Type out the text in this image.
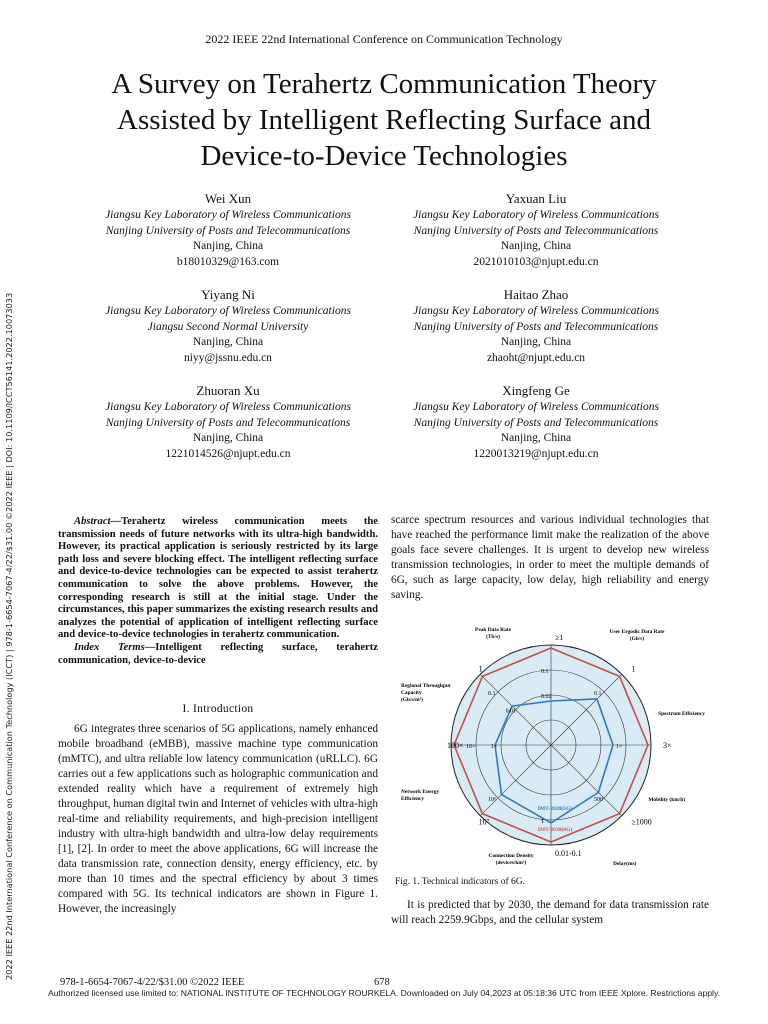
2022 IEEE 22nd International Conference on Communication Technology
A Survey on Terahertz Communication Theory
Assisted by Intelligent Reflecting Surface and
Device-to-Device Technologies
Wei Xun
Jiangsu Key Laboratory of Wireless Communications
Nanjing University of Posts and Telecommunications
Nanjing, China
b18010329@163.com
Yaxuan Liu
Jiangsu Key Laboratory of Wireless Communications
Nanjing University of Posts and Telecommunications
Nanjing, China
2021010103@njupt.edu.cn
Yiyang Ni
Jiangsu Key Laboratory of Wireless Communications
Jiangsu Second Normal University
Nanjing, China
niyy@jssnu.edu.cn
Haitao Zhao
Jiangsu Key Laboratory of Wireless Communications
Nanjing University of Posts and Telecommunications
Nanjing, China
zhaoht@njupt.edu.cn
Zhuoran Xu
Jiangsu Key Laboratory of Wireless Communications
Nanjing University of Posts and Telecommunications
Nanjing, China
1221014526@njupt.edu.cn
Xingfeng Ge
Jiangsu Key Laboratory of Wireless Communications
Nanjing University of Posts and Telecommunications
Nanjing, China
1220013219@njupt.edu.cn
2022 IEEE 22nd International Conference on Communication Technology (ICCT) | 978-1-6654-7067-4/22/$31.00 ©2022 IEEE | DOI: 10.1109/ICCT56141.2022.10073033	Abstract—Terahertz wireless communication meets the transmission needs of future networks with its ultra-high bandwidth. However, its practical application is seriously restricted by its large path loss and severe blocking effect. The intelligent reflecting surface and device-to-device technologies can be expected to assist terahertz communication to solve the above problems. However, the corresponding research is still at the initial stage. Under the circumstances, this paper summarizes the existing research results and analyzes the potential of application of intelligent reflecting surface and device-to-device technologies in terahertz communication.

Index Terms—Intelligent reflecting surface, terahertz communication, device-to-device

I. Introduction

6G integrates three scenarios of 5G applications, namely enhanced mobile broadband (eMBB), massive machine type communication (mMTC), and ultra reliable low latency communication (uRLLC). 6G carries out a few applications such as holographic communication and extended reality which have a requirement of extremely high throughput, human digital twin and Internet of vehicles with ultra-high real-time and reliability requirements, and high-precision intelligent industry with ultra-high bandwidth and ultra-low delay requirements [1], [2]. In order to meet the above applications, 6G will increase the data transmission rate, connection density, energy efficiency, etc. by more than 10 times and the spectral efficiency by about 3 times compared with 5G. Its technical indicators are shown in Figure 1. However, the increasingly

scarce spectrum resources and various individual technologies that have reached the performance limit make the realization of the above goals face severe challenges. It is urgent to develop new wireless transmission technologies, in order to meet the multiple demands of 6G, such as large capacity, low delay, high reliability and energy saving.
≥1
1
3×
≥1000
0.01-0.1
10⁷
100×
1	0.1
0.02
0.1
1×
500
1
10⁶
10×	1×
0.1
0.01
Peak Data Rate
(Tb/s)
User Ergodic Data Rate
(Gb/s)
Spectrum Efficiency
Mobility (km/h)
Delay(ms)
Connection Density
(devices/km²)
Network Energy
Efficiency
Regional Throughput
Capacity
(Gb/s/m²)
IMT-2020(5G)
IMT-2030(6G)
Fig. 1. Technical indicators of 6G.

It is predicted that by 2030, the demand for data transmission rate will reach 2259.9Gbps, and the cellular system

978-1-6654-7067-4/22/$31.00 ©2022 IEEE	678
Authorized licensed use limited to: NATIONAL INSTITUTE OF TECHNOLOGY ROURKELA. Downloaded on July 04,2023 at 05:18:36 UTC from IEEE Xplore. Restrictions apply.
